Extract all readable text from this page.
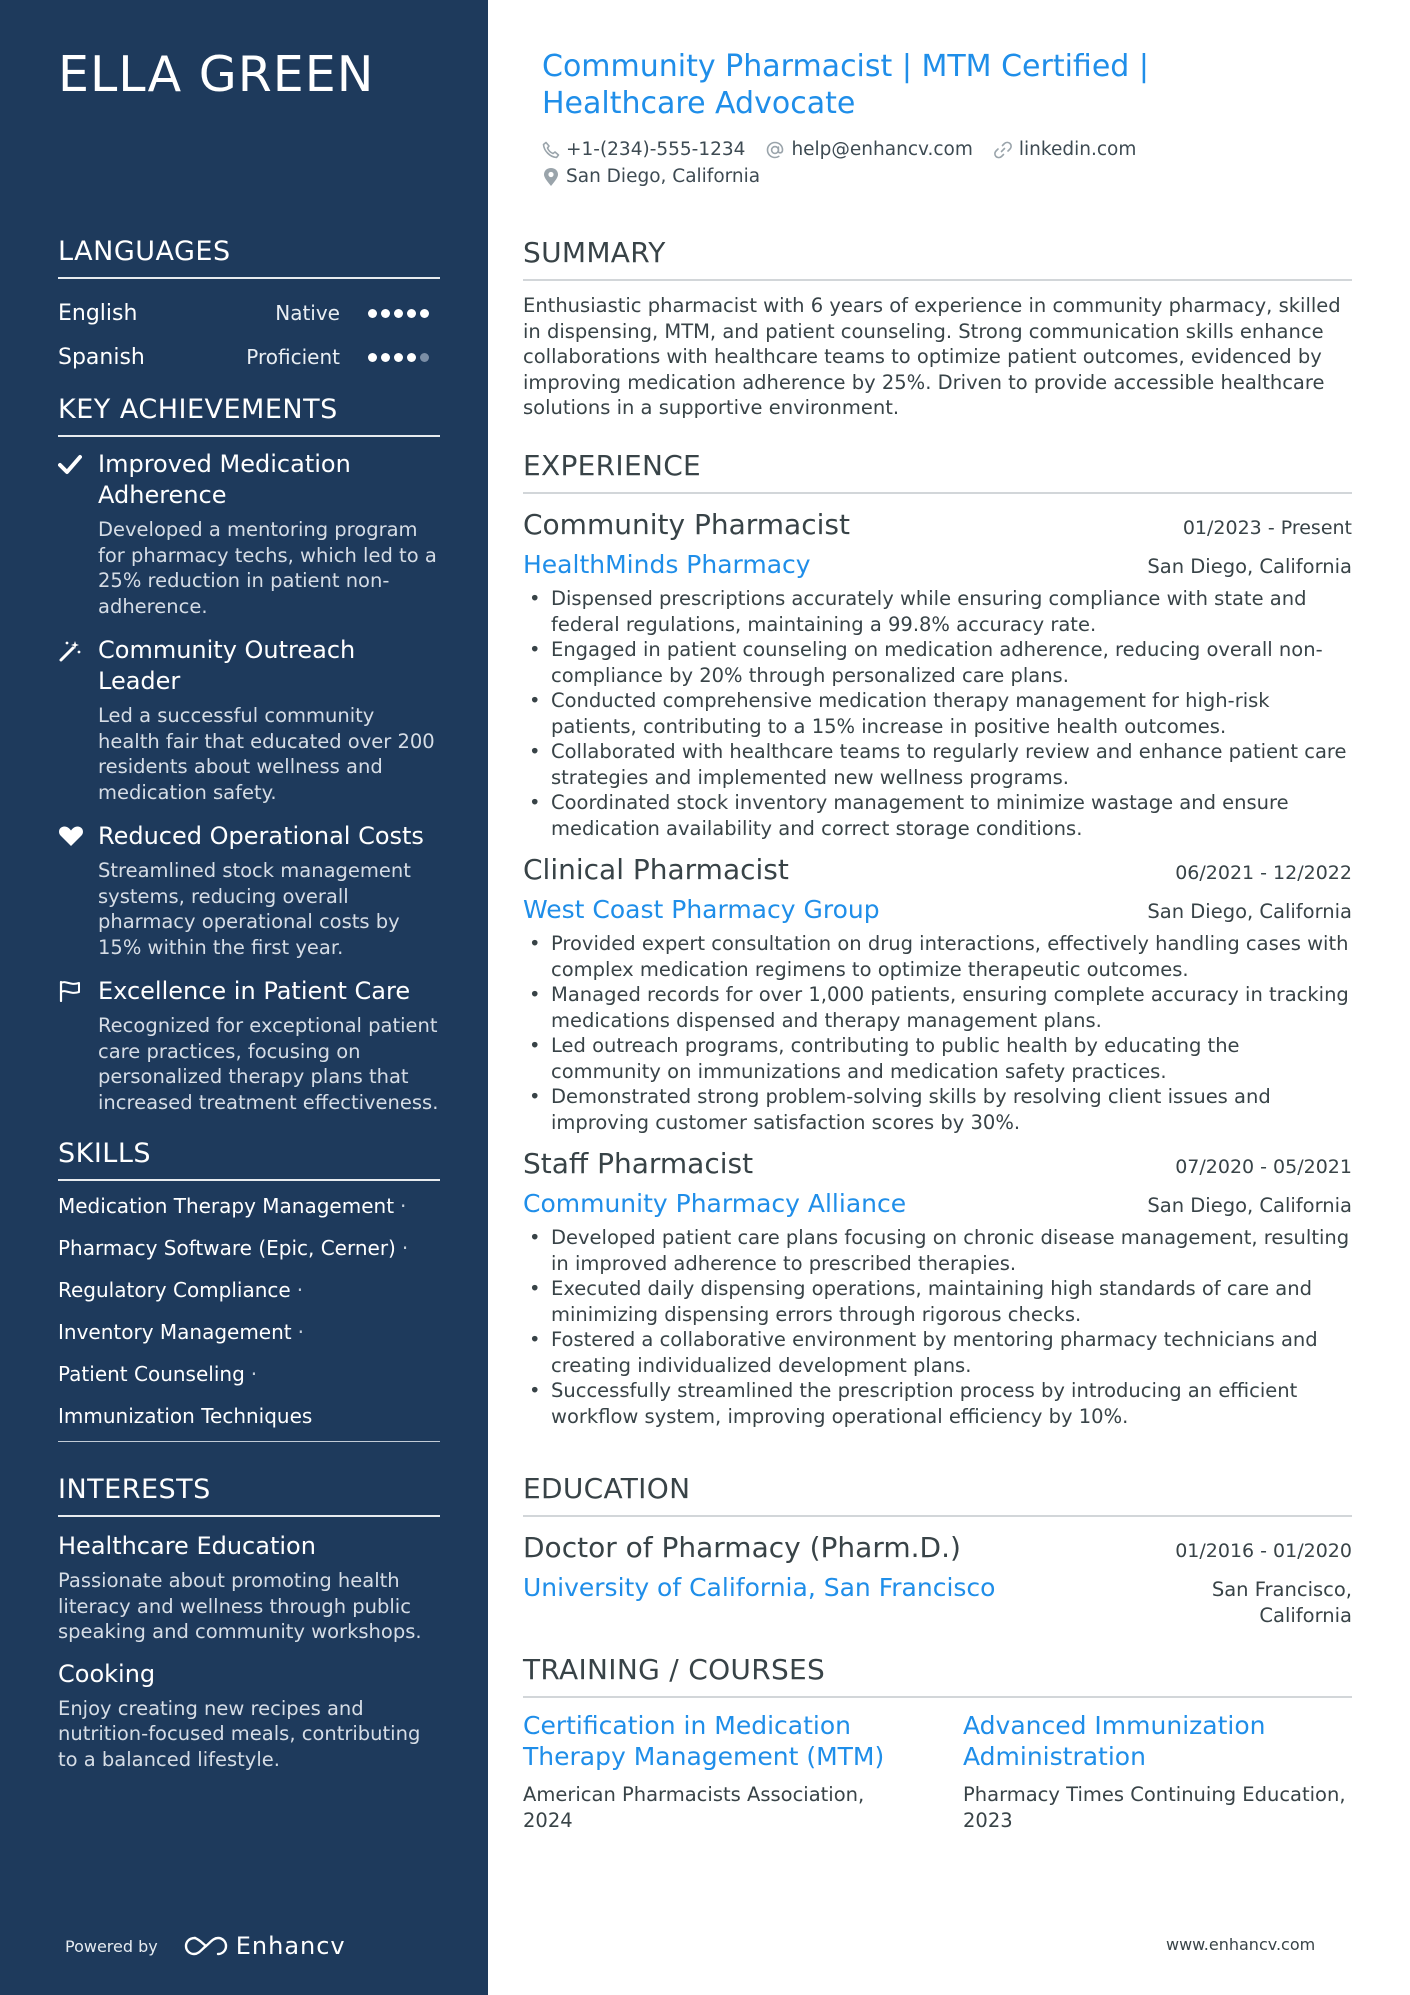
ELLA GREEN
LANGUAGES
English	Native
Spanish	Proficient
KEY ACHIEVEMENTS
Improved Medication Adherence
Developed a mentoring program for pharmacy techs, which led to a 25% reduction in patient non-adherence.
Community Outreach Leader
Led a successful community health fair that educated over 200 residents about wellness and medication safety.
Reduced Operational Costs
Streamlined stock management systems, reducing overall pharmacy operational costs by 15% within the first year.
Excellence in Patient Care
Recognized for exceptional patient care practices, focusing on personalized therapy plans that increased treatment effectiveness.
SKILLS
Medication Therapy Management ·
Pharmacy Software (Epic, Cerner) ·
Regulatory Compliance ·
Inventory Management ·
Patient Counseling ·
Immunization Techniques
INTERESTS
Healthcare Education
Passionate about promoting health literacy and wellness through public speaking and community workshops.
Cooking
Enjoy creating new recipes and nutrition-focused meals, contributing to a balanced lifestyle.
Powered by	Enhancv
Community Pharmacist | MTM Certified | Healthcare Advocate
+1-(234)-555-1234 help@enhancv.com linkedin.com
San Diego, California
SUMMARY
Enthusiastic pharmacist with 6 years of experience in community pharmacy, skilled in dispensing, MTM, and patient counseling. Strong communication skills enhance collaborations with healthcare teams to optimize patient outcomes, evidenced by improving medication adherence by 25%. Driven to provide accessible healthcare solutions in a supportive environment.
EXPERIENCE
Community Pharmacist	01/2023 - Present
HealthMinds Pharmacy	San Diego, California
• Dispensed prescriptions accurately while ensuring compliance with state and federal regulations, maintaining a 99.8% accuracy rate.
• Engaged in patient counseling on medication adherence, reducing overall non-compliance by 20% through personalized care plans.
• Conducted comprehensive medication therapy management for high-risk patients, contributing to a 15% increase in positive health outcomes.
• Collaborated with healthcare teams to regularly review and enhance patient care strategies and implemented new wellness programs.
• Coordinated stock inventory management to minimize wastage and ensure medication availability and correct storage conditions.
Clinical Pharmacist	06/2021 - 12/2022
West Coast Pharmacy Group	San Diego, California
• Provided expert consultation on drug interactions, effectively handling cases with complex medication regimens to optimize therapeutic outcomes.
• Managed records for over 1,000 patients, ensuring complete accuracy in tracking medications dispensed and therapy management plans.
• Led outreach programs, contributing to public health by educating the community on immunizations and medication safety practices.
• Demonstrated strong problem-solving skills by resolving client issues and improving customer satisfaction scores by 30%.
Staff Pharmacist	07/2020 - 05/2021
Community Pharmacy Alliance	San Diego, California
• Developed patient care plans focusing on chronic disease management, resulting in improved adherence to prescribed therapies.
• Executed daily dispensing operations, maintaining high standards of care and minimizing dispensing errors through rigorous checks.
• Fostered a collaborative environment by mentoring pharmacy technicians and creating individualized development plans.
• Successfully streamlined the prescription process by introducing an efficient workflow system, improving operational efficiency by 10%.
EDUCATION
Doctor of Pharmacy (Pharm.D.)	01/2016 - 01/2020
University of California, San Francisco	San Francisco,
California
TRAINING / COURSES
Certification in Medication Therapy Management (MTM)
American Pharmacists Association, 2024
Advanced Immunization Administration
Pharmacy Times Continuing Education, 2023
www.enhancv.com
